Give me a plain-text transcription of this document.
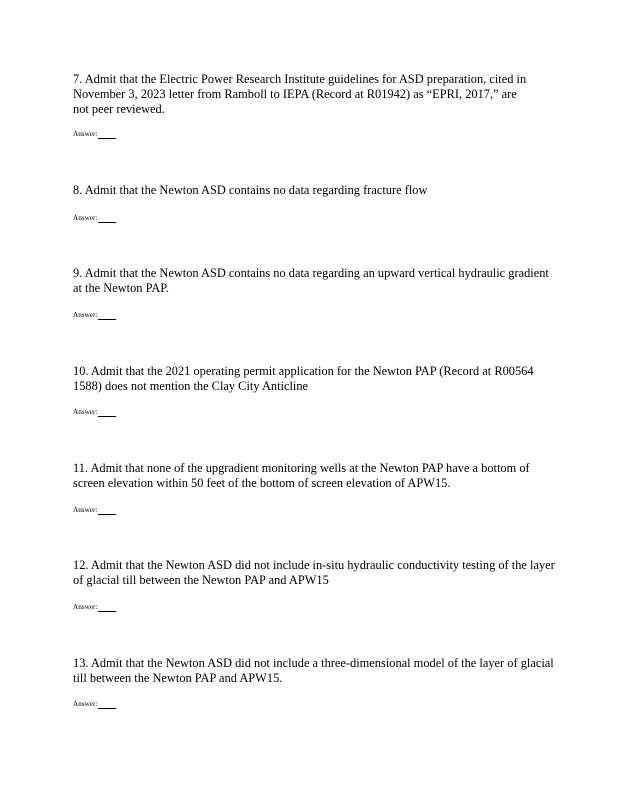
7. Admit that the Electric Power Research Institute guidelines for ASD preparation, cited in
November 3, 2023 letter from Ramboll to IEPA (Record at R01942) as “EPRI, 2017,” are
not peer reviewed.

Answer:

8. Admit that the Newton ASD contains no data regarding fracture flow

Answer:

9. Admit that the Newton ASD contains no data regarding an upward vertical hydraulic gradient
at the Newton PAP.

Answer:

10. Admit that the 2021 operating permit application for the Newton PAP (Record at R00564
1588) does not mention the Clay City Anticline

Answer:

11. Admit that none of the upgradient monitoring wells at the Newton PAP have a bottom of
screen elevation within 50 feet of the bottom of screen elevation of APW15.

Answer:

12. Admit that the Newton ASD did not include in-situ hydraulic conductivity testing of the layer
of glacial till between the Newton PAP and APW15

Answer:

13. Admit that the Newton ASD did not include a three-dimensional model of the layer of glacial
till between the Newton PAP and APW15.

Answer:
